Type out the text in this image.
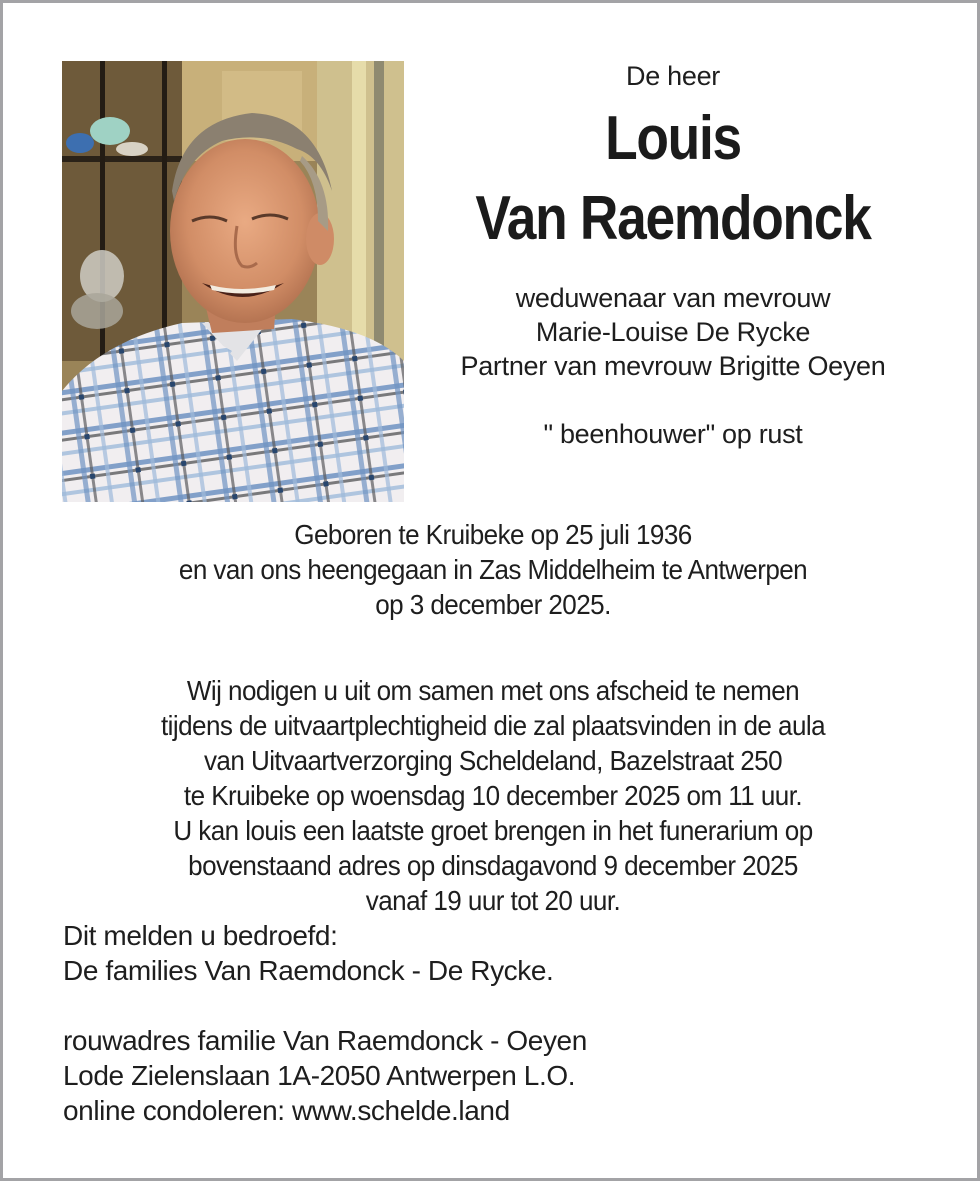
De heer
Louis
Van Raemdonck
weduwenaar van mevrouw
Marie-Louise De Rycke
Partner van mevrouw Brigitte Oeyen
" beenhouwer" op rust
Geboren te Kruibeke op 25 juli 1936
en van ons heengegaan in Zas Middelheim te Antwerpen
op 3 december 2025.
Wij nodigen u uit om samen met ons afscheid te nemen
tijdens de uitvaartplechtigheid die zal plaatsvinden in de aula
van Uitvaartverzorging Scheldeland, Bazelstraat 250
te Kruibeke op woensdag 10 december 2025 om 11 uur.
U kan louis een laatste groet brengen in het funerarium op
bovenstaand adres op dinsdagavond 9 december 2025
vanaf 19 uur tot 20 uur.
Dit melden u bedroefd:
De families Van Raemdonck - De Rycke.
rouwadres familie Van Raemdonck - Oeyen
Lode Zielenslaan 1A-2050 Antwerpen L.O.
online condoleren: www.schelde.land
